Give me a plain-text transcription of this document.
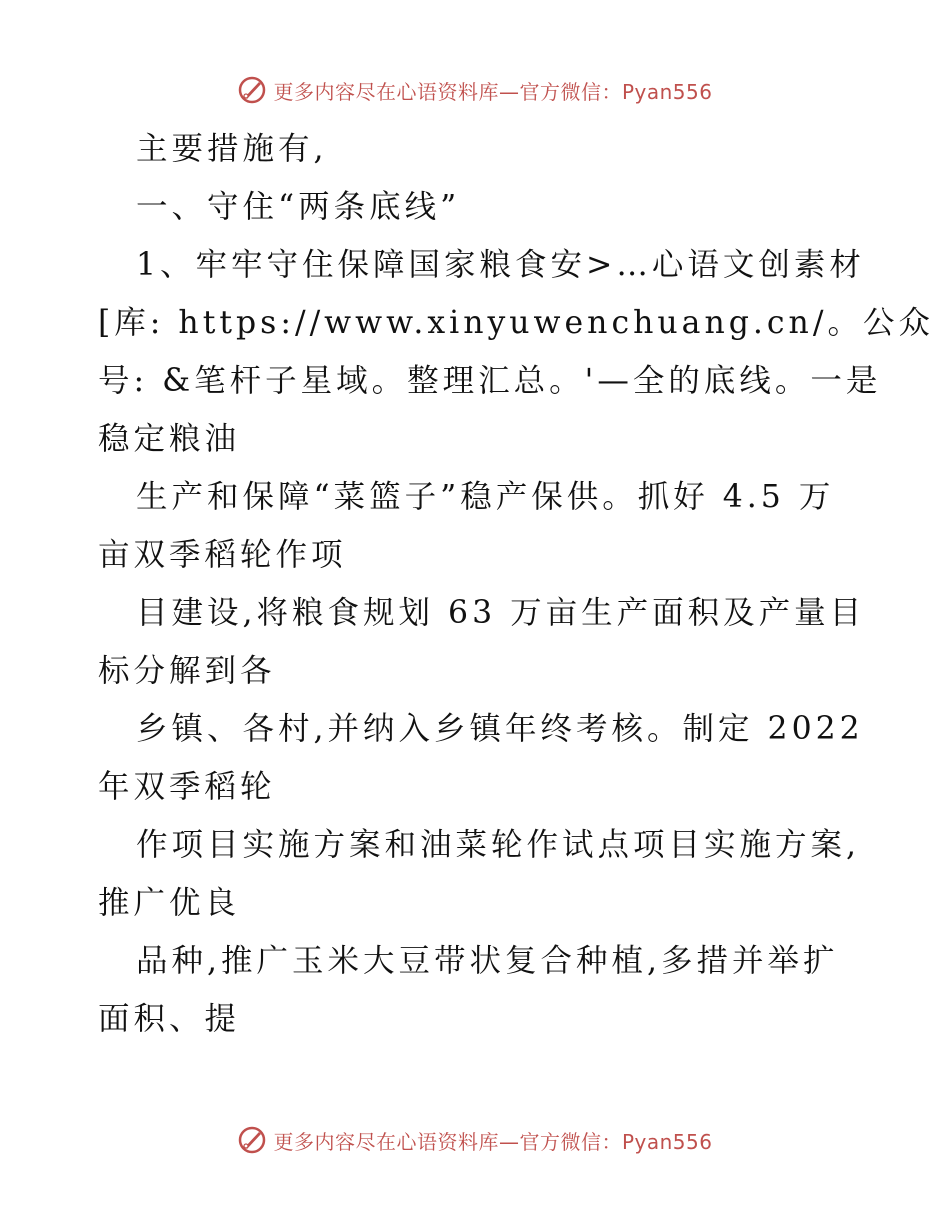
更多内容尽在心语资料库—官方微信：Pyan556
主要措施有,
一、守住“两条底线”
1、牢牢守住保障国家粮食安>…心语文创素材
[库: https://www.xinyuwenchuang.cn/。公众
号: &笔杆子星域。整理汇总。'—全的底线。一是
稳定粮油
生产和保障“菜篮子”稳产保供。抓好 4.5 万
亩双季稻轮作项
目建设,将粮食规划 63 万亩生产面积及产量目
标分解到各
乡镇、各村,并纳入乡镇年终考核。制定 2022
年双季稻轮
作项目实施方案和油菜轮作试点项目实施方案,
推广优良
品种,推广玉米大豆带状复合种植,多措并举扩
面积、提
更多内容尽在心语资料库—官方微信：Pyan556
